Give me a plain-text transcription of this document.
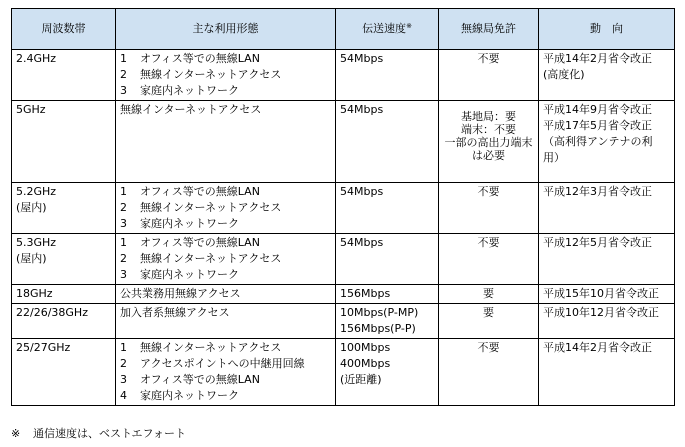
周波数帯	主な利用形態	伝送速度※	無線局免許	動　向

2.4GHz	1 オフィス等での無線LAN
2 無線インターネットアクセス
3 家庭内ネットワーク	54Mbps	不要	平成14年2月省令改正
(高度化)

5GHz	無線インターネットアクセス	54Mbps	基地局：要
端末：不要
一部の高出力端末
は必要	平成14年9月省令改正
平成17年5月省令改正
（高利得アンテナの利
用）

5.2GHz
(屋内)	1 オフィス等での無線LAN
2 無線インターネットアクセス
3 家庭内ネットワーク	54Mbps	不要	平成12年3月省令改正

5.3GHz
(屋内)	1 オフィス等での無線LAN
2 無線インターネットアクセス
3 家庭内ネットワーク	54Mbps	不要	平成12年5月省令改正

18GHz	公共業務用無線アクセス	156Mbps	要	平成15年10月省令改正

22/26/38GHz	加入者系無線アクセス	10Mbps(P-MP)
156Mbps(P-P)	要	平成10年12月省令改正

25/27GHz	1 無線インターネットアクセス
2 アクセスポイントへの中継用回線
3 オフィス等での無線LAN
4 家庭内ネットワーク	100Mbps
400Mbps
(近距離)	不要	平成14年2月省令改正
※ 通信速度は、ベストエフォート
